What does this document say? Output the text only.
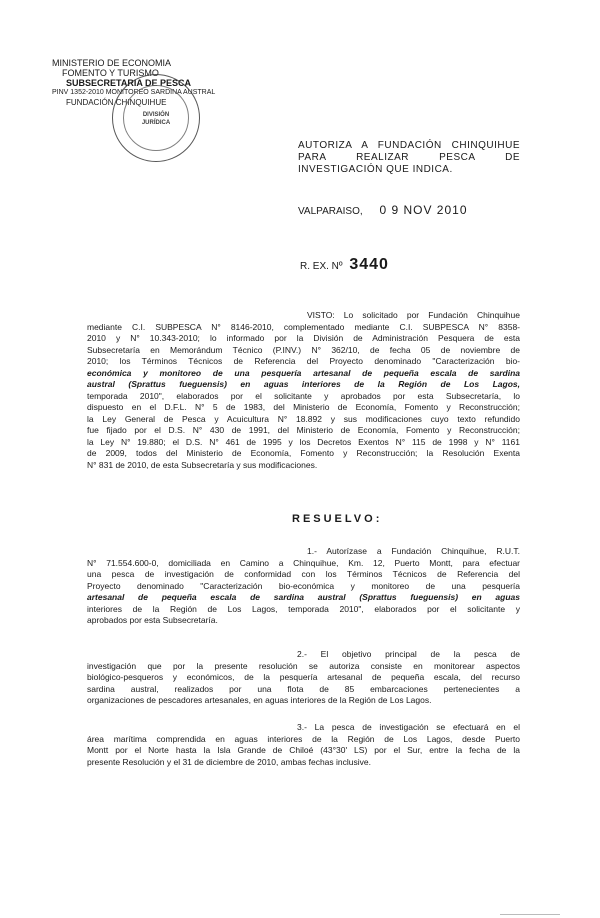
MINISTERIO DE ECONOMIA
FOMENTO Y TURISMO
SUBSECRETARIA DE PESCA
PINV 1352-2010 MONITOREO SARDINA AUSTRAL
FUNDACIÓN CHINQUIHUE
DIVISIÓN
JURÍDICA
AUTORIZA A FUNDACIÓN CHINQUIHUE
PARA REALIZAR PESCA DE
INVESTIGACIÓN QUE INDICA.
VALPARAISO, 0 9 NOV 2010
R. EX. Nº 3440
VISTO: Lo solicitado por Fundación Chinquihue
mediante C.I. SUBPESCA N° 8146-2010, complementado mediante C.I. SUBPESCA N° 8358-
2010 y N° 10.343-2010; lo informado por la División de Administración Pesquera de esta
Subsecretaría en Memorándum Técnico (P.INV.) N° 362/10, de fecha 05 de noviembre de
2010; los Términos Técnicos de Referencia del Proyecto denominado "Caracterización bio-
económica y monitoreo de una pesquería artesanal de pequeña escala de sardina
austral (Sprattus fueguensis) en aguas interiores de la Región de Los Lagos,
temporada 2010", elaborados por el solicitante y aprobados por esta Subsecretaría, lo
dispuesto en el D.F.L. N° 5 de 1983, del Ministerio de Economía, Fomento y Reconstrucción;
la Ley General de Pesca y Acuicultura N° 18.892 y sus modificaciones cuyo texto refundido
fue fijado por el D.S. N° 430 de 1991, del Ministerio de Economía, Fomento y Reconstrucción;
la Ley N° 19.880; el D.S. N° 461 de 1995 y los Decretos Exentos N° 115 de 1998 y N° 1161
de 2009, todos del Ministerio de Economía, Fomento y Reconstrucción; la Resolución Exenta
N° 831 de 2010, de esta Subsecretaría y sus modificaciones.
RESUELVO:
1.- Autorízase a Fundación Chinquihue, R.U.T.
N° 71.554.600-0, domiciliada en Camino a Chinquihue, Km. 12, Puerto Montt, para efectuar
una pesca de investigación de conformidad con los Términos Técnicos de Referencia del
Proyecto denominado "Caracterización bio-económica y monitoreo de una pesquería
artesanal de pequeña escala de sardina austral (Sprattus fueguensis) en aguas
interiores de la Región de Los Lagos, temporada 2010", elaborados por el solicitante y
aprobados por esta Subsecretaría.
2.- El objetivo principal de la pesca de
investigación que por la presente resolución se autoriza consiste en monitorear aspectos
biológico-pesqueros y económicos, de la pesquería artesanal de pequeña escala, del recurso
sardina austral, realizados por una flota de 85 embarcaciones pertenecientes a
organizaciones de pescadores artesanales, en aguas interiores de la Región de Los Lagos.
3.- La pesca de investigación se efectuará en el
área marítima comprendida en aguas interiores de la Región de Los Lagos, desde Puerto
Montt por el Norte hasta la Isla Grande de Chiloé (43°30' LS) por el Sur, entre la fecha de la
presente Resolución y el 31 de diciembre de 2010, ambas fechas inclusive.
